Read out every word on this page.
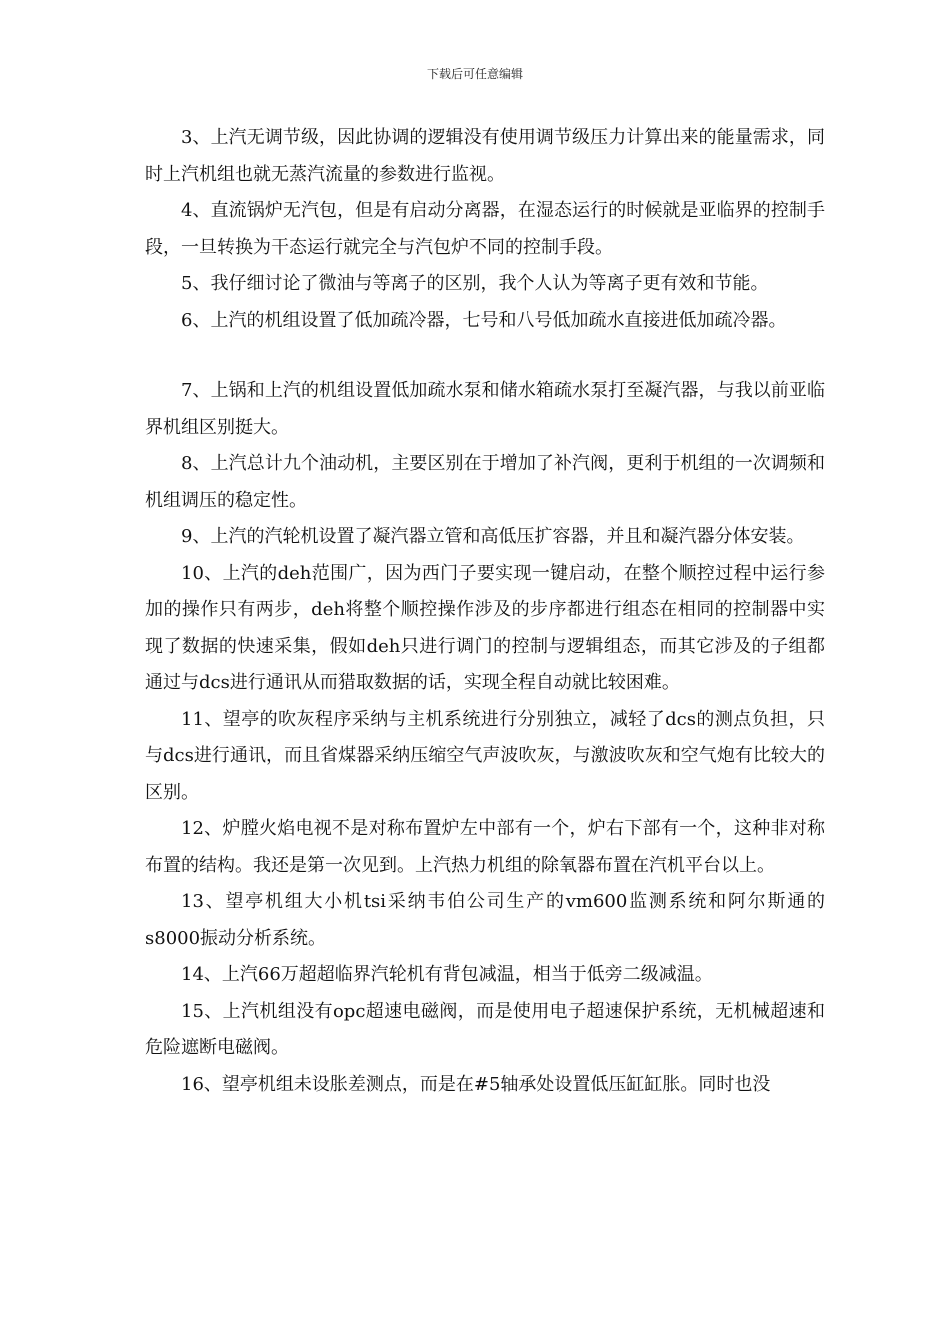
下载后可任意编辑

3、上汽无调节级，因此协调的逻辑没有使用调节级压力计算出来的能量需求，同时上汽机组也就无蒸汽流量的参数进行监视。

4、直流锅炉无汽包，但是有启动分离器，在湿态运行的时候就是亚临界的控制手段，一旦转换为干态运行就完全与汽包炉不同的控制手段。

5、我仔细讨论了微油与等离子的区别，我个人认为等离子更有效和节能。

6、上汽的机组设置了低加疏冷器，七号和八号低加疏水直接进低加疏冷器。

7、上锅和上汽的机组设置低加疏水泵和储水箱疏水泵打至凝汽器，与我以前亚临界机组区别挺大。

8、上汽总计九个油动机，主要区别在于增加了补汽阀，更利于机组的一次调频和机组调压的稳定性。

9、上汽的汽轮机设置了凝汽器立管和高低压扩容器，并且和凝汽器分体安装。

10、上汽的deh范围广，因为西门子要实现一键启动，在整个顺控过程中运行参加的操作只有两步，deh将整个顺控操作涉及的步序都进行组态在相同的控制器中实现了数据的快速采集，假如deh只进行调门的控制与逻辑组态，而其它涉及的子组都通过与dcs进行通讯从而猎取数据的话，实现全程自动就比较困难。

11、望亭的吹灰程序采纳与主机系统进行分别独立，减轻了dcs的测点负担，只与dcs进行通讯，而且省煤器采纳压缩空气声波吹灰，与激波吹灰和空气炮有比较大的区别。

12、炉膛火焰电视不是对称布置炉左中部有一个，炉右下部有一个，这种非对称布置的结构。我还是第一次见到。上汽热力机组的除氧器布置在汽机平台以上。

13、望亭机组大小机tsi采纳韦伯公司生产的vm600监测系统和阿尔斯通的s8000振动分析系统。

14、上汽66万超超临界汽轮机有背包减温，相当于低旁二级减温。

15、上汽机组没有opc超速电磁阀，而是使用电子超速保护系统，无机械超速和危险遮断电磁阀。

16、望亭机组未设胀差测点，而是在#5轴承处设置低压缸缸胀。同时也没
